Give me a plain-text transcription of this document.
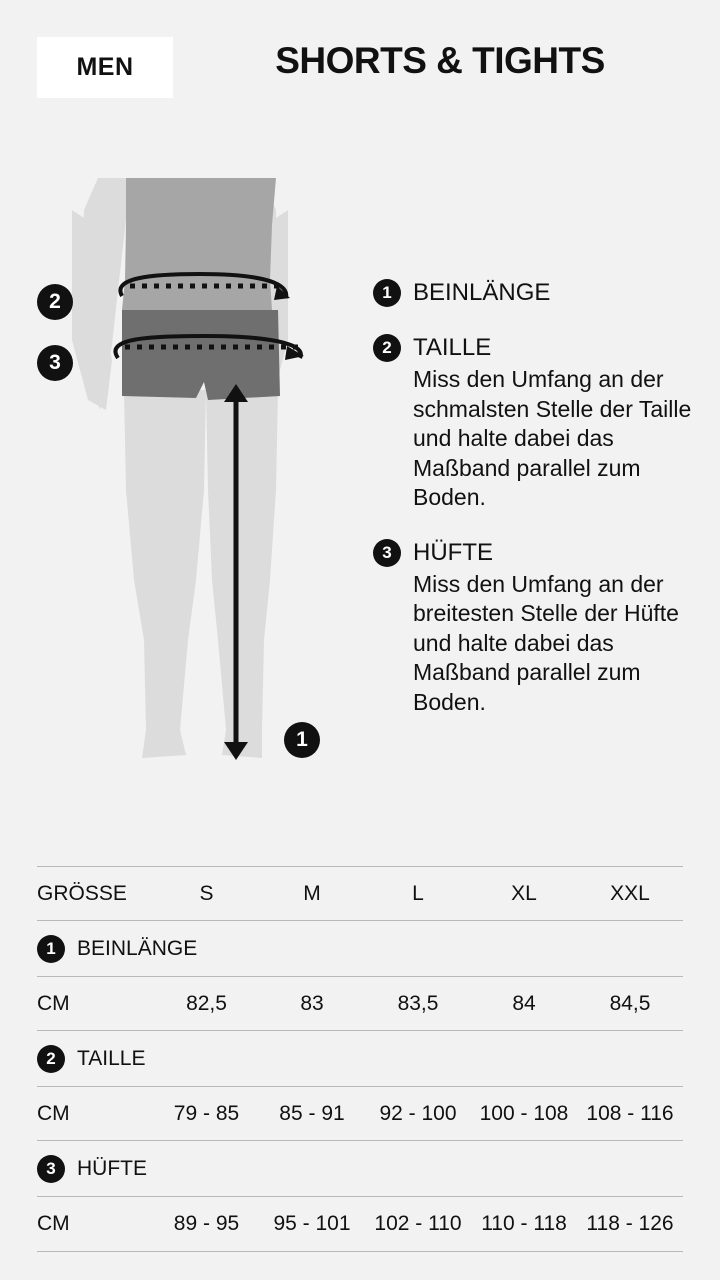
MEN	SHORTS & TIGHTS
2
3
1
1 BEINLÄNGE
2 TAILLE
Miss den Umfang an der schmalsten Stelle der Taille und halte dabei das Maßband parallel zum Boden.
3 HÜFTE
Miss den Umfang an der breitesten Stelle der Hüfte und halte dabei das Maßband parallel zum Boden.
GRÖSSE	S	M	L	XL	XXL

1 BEINLÄNGE					

CM	82,5	83	83,5	84	84,5

2 TAILLE					

CM	79 - 85	85 - 91	92 - 100	100 - 108	108 - 116

3 HÜFTE					

CM	89 - 95	95 - 101	102 - 110	110 - 118	118 - 126
